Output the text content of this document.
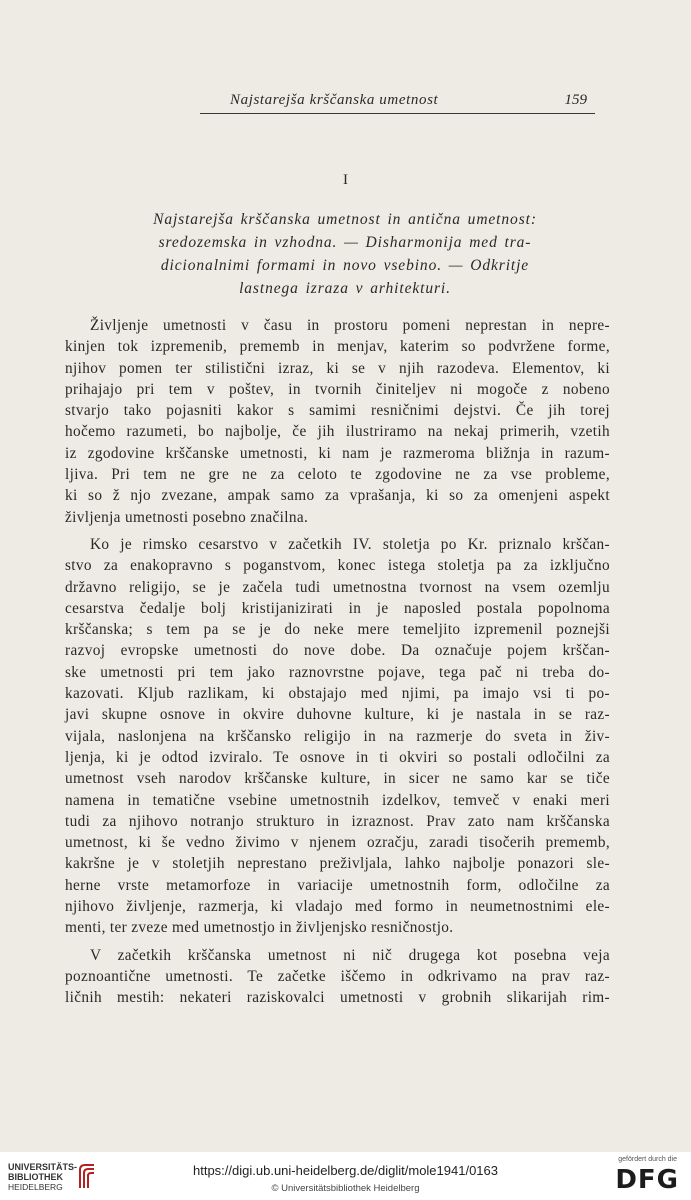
Najstarejša krščanska umetnost	159
I
Najstarejša krščanska umetnost in antična umetnost:
sredozemska in vzhodna. — Disharmonija med tra-
dicionalnimi formami in novo vsebino. — Odkritje
lastnega izraza v arhitekturi.
Življenje umetnosti v času in prostoru pomeni neprestan in nepre-
kinjen tok izpremenib, prememb in menjav, katerim so podvržene forme,
njihov pomen ter stilistični izraz, ki se v njih razodeva. Elementov, ki
prihajajo pri tem v poštev, in tvornih činiteljev ni mogoče z nobeno
stvarjo tako pojasniti kakor s samimi resničnimi dejstvi. Če jih torej
hočemo razumeti, bo najbolje, če jih ilustriramo na nekaj primerih, vzetih
iz zgodovine krščanske umetnosti, ki nam je razmeroma bližnja in razum-
ljiva. Pri tem ne gre ne za celoto te zgodovine ne za vse probleme,
ki so ž njo zvezane, ampak samo za vprašanja, ki so za omenjeni aspekt
življenja umetnosti posebno značilna.
Ko je rimsko cesarstvo v začetkih IV. stoletja po Kr. priznalo krščan-
stvo za enakopravno s poganstvom, konec istega stoletja pa za izključno
državno religijo, se je začela tudi umetnostna tvornost na vsem ozemlju
cesarstva čedalje bolj kristijanizirati in je naposled postala popolnoma
krščanska; s tem pa se je do neke mere temeljito izpremenil poznejši
razvoj evropske umetnosti do nove dobe. Da označuje pojem krščan-
ske umetnosti pri tem jako raznovrstne pojave, tega pač ni treba do-
kazovati. Kljub razlikam, ki obstajajo med njimi, pa imajo vsi ti po-
javi skupne osnove in okvire duhovne kulture, ki je nastala in se raz-
vijala, naslonjena na krščansko religijo in na razmerje do sveta in živ-
ljenja, ki je odtod izviralo. Te osnove in ti okviri so postali odločilni za
umetnost vseh narodov krščanske kulture, in sicer ne samo kar se tiče
namena in tematične vsebine umetnostnih izdelkov, temveč v enaki meri
tudi za njihovo notranjo strukturo in izraznost. Prav zato nam krščanska
umetnost, ki še vedno živimo v njenem ozračju, zaradi tisočerih prememb,
kakršne je v stoletjih neprestano preživljala, lahko najbolje ponazori sle-
herne vrste metamorfoze in variacije umetnostnih form, odločilne za
njihovo življenje, razmerja, ki vladajo med formo in neumetnostnimi ele-
menti, ter zveze med umetnostjo in življenjsko resničnostjo.
V začetkih krščanska umetnost ni nič drugega kot posebna veja
poznoantične umetnosti. Te začetke iščemo in odkrivamo na prav raz-
ličnih mestih: nekateri raziskovalci umetnosti v grobnih slikarijah rim-
UNIVERSITÄTS-
BIBLIOTHEK
HEIDELBERG
https://digi.ub.uni-heidelberg.de/diglit/mole1941/0163
© Universitätsbibliothek Heidelberg
gefördert durch die
DFG
